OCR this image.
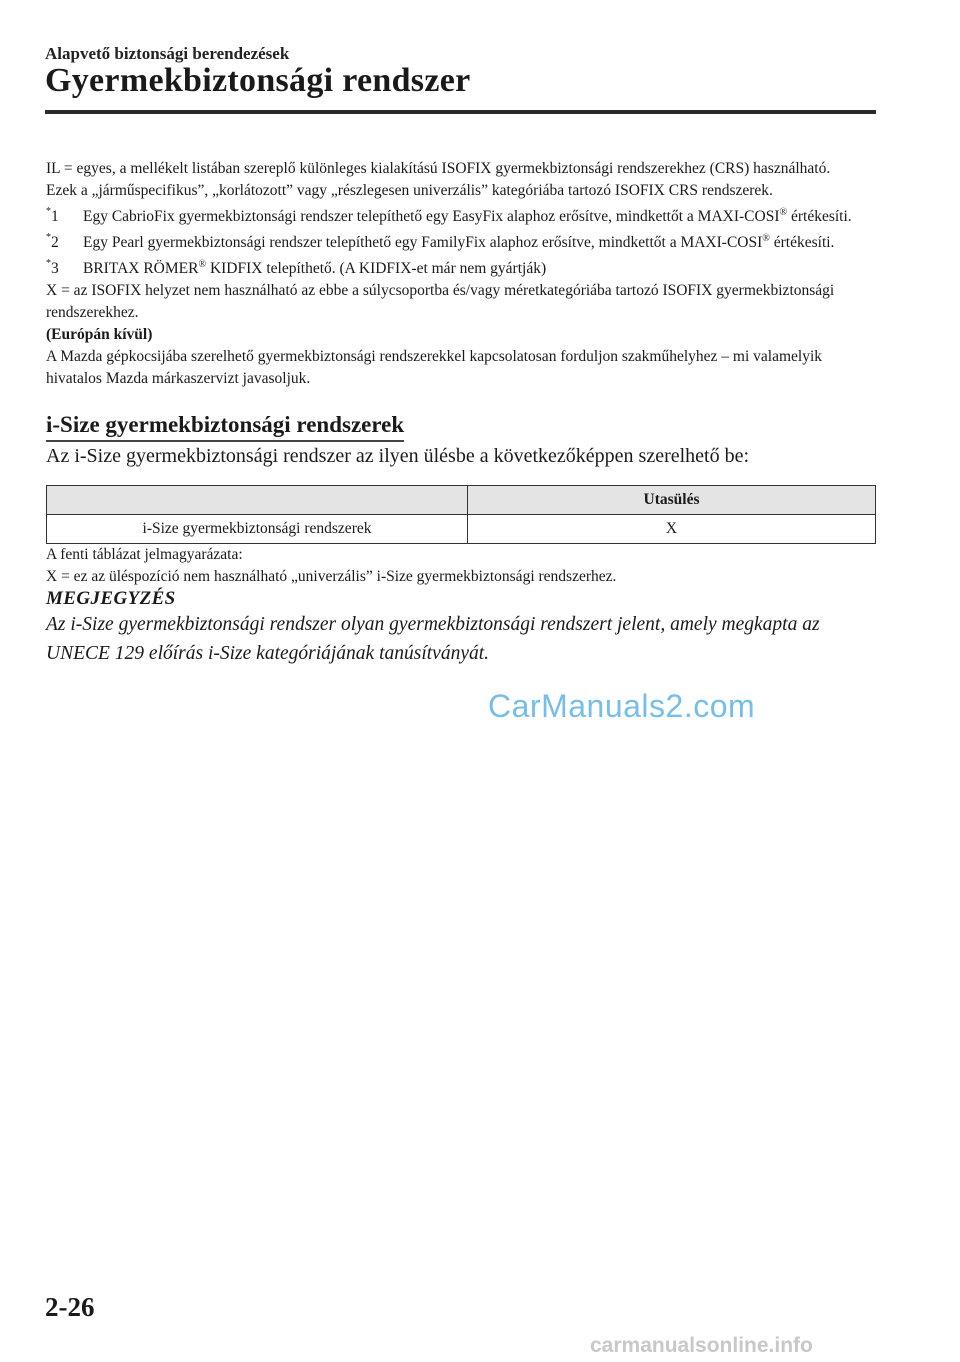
Alapvető biztonsági berendezések
Gyermekbiztonsági rendszer

IL = egyes, a mellékelt listában szereplő különleges kialakítású ISOFIX gyermekbiztonsági rendszerekhez (CRS) használható.

Ezek a „járműspecifikus”, „korlátozott” vagy „részlegesen univerzális” kategóriába tartozó ISOFIX CRS rendszerek.

*1	Egy CabrioFix gyermekbiztonsági rendszer telepíthető egy EasyFix alaphoz erősítve, mindkettőt a MAXI-COSI® értékesíti.
*2	Egy Pearl gyermekbiztonsági rendszer telepíthető egy FamilyFix alaphoz erősítve, mindkettőt a MAXI-COSI® értékesíti.
*3	BRITAX RÖMER® KIDFIX telepíthető. (A KIDFIX-et már nem gyártják)

X = az ISOFIX helyzet nem használható az ebbe a súlycsoportba és/vagy méretkategóriába tartozó ISOFIX gyermekbiztonsági rendszerekhez.

(Európán kívül)

A Mazda gépkocsijába szerelhető gyermekbiztonsági rendszerekkel kapcsolatosan forduljon szakműhelyhez – mi valamelyik hivatalos Mazda márkaszervizt javasoljuk.

i-Size gyermekbiztonsági rendszerek

Az i-Size gyermekbiztonsági rendszer az ilyen ülésbe a következőképpen szerelhető be:

	Utasülés
i-Size gyermekbiztonsági rendszerek	X

A fenti táblázat jelmagyarázata:

X = ez az üléspozíció nem használható „univerzális” i-Size gyermekbiztonsági rendszerhez.

MEGJEGYZÉS

Az i-Size gyermekbiztonsági rendszer olyan gyermekbiztonsági rendszert jelent, amely megkapta az UNECE 129 előírás i-Size kategóriájának tanúsítványát.

CarManuals2.com
2-26
carmanualsonline.info
